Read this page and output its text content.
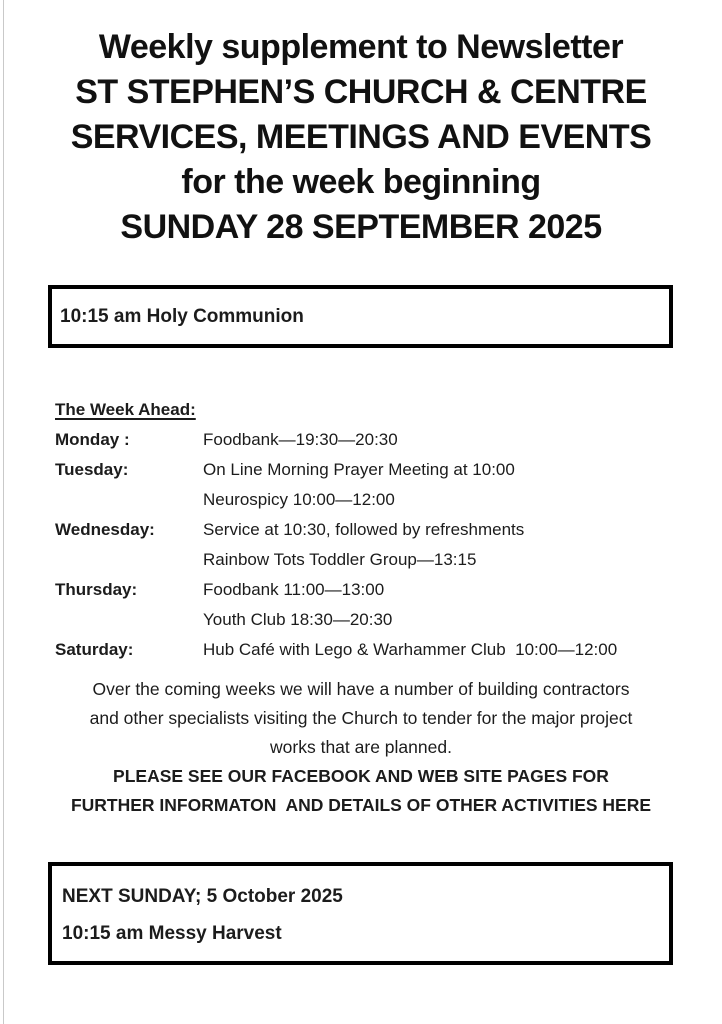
Weekly supplement to Newsletter
ST STEPHEN’S CHURCH & CENTRE
SERVICES, MEETINGS AND EVENTS
for the week beginning
SUNDAY 28 SEPTEMBER 2025
10:15 am Holy Communion
The Week Ahead:
Monday :	Foodbank—19:30—20:30
Tuesday:	On Line Morning Prayer Meeting at 10:00
Neurospicy 10:00—12:00
Wednesday:	Service at 10:30, followed by refreshments
Rainbow Tots Toddler Group—13:15
Thursday:	Foodbank 11:00—13:00
Youth Club 18:30—20:30
Saturday:	Hub Café with Lego & Warhammer Club  10:00—12:00
Over the coming weeks we will have a number of building contractors
and other specialists visiting the Church to tender for the major project
works that are planned.
PLEASE SEE OUR FACEBOOK AND WEB SITE PAGES FOR
FURTHER INFORMATON  AND DETAILS OF OTHER ACTIVITIES HERE
NEXT SUNDAY; 5 October 2025
10:15 am Messy Harvest
